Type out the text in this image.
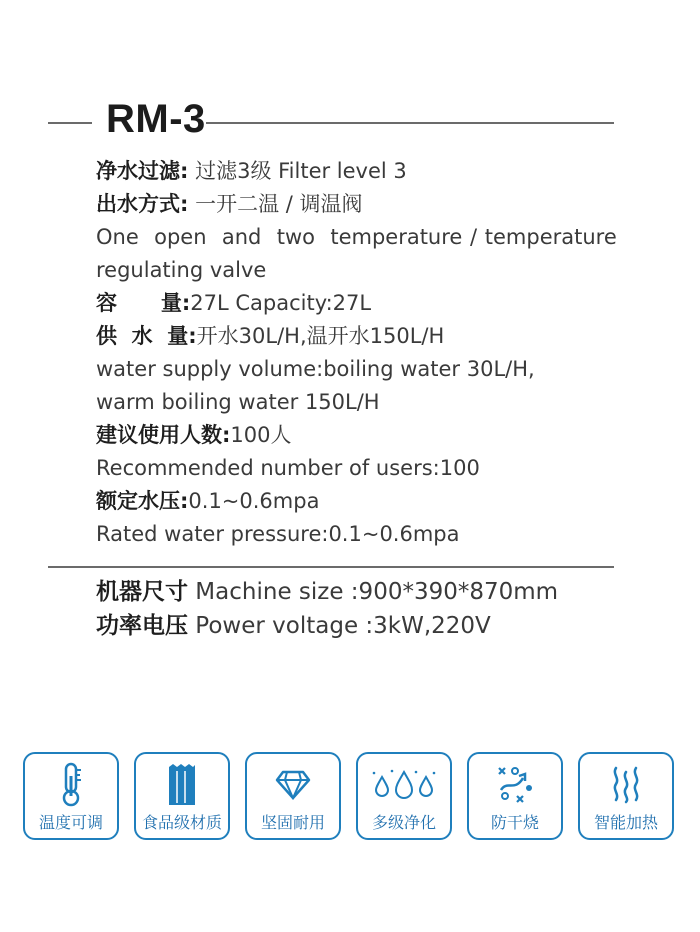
RM-3
净水过滤: 过滤3级 Filter level 3
出水方式: 一开二温 / 调温阀
One  open  and  two  temperature / temperature
regulating valve
容      量:27L Capacity:27L
供  水  量:开水30L/H,温开水150L/H
water supply volume:boiling water 30L/H,
warm boiling water 150L/H
建议使用人数:100人
Recommended number of users:100
额定水压:0.1~0.6mpa
Rated water pressure:0.1~0.6mpa
机器尺寸 Machine size :900*390*870mm
功率电压 Power voltage :3kW,220V
温度可调	食品级材质	坚固耐用	多级净化	防干烧	智能加热
